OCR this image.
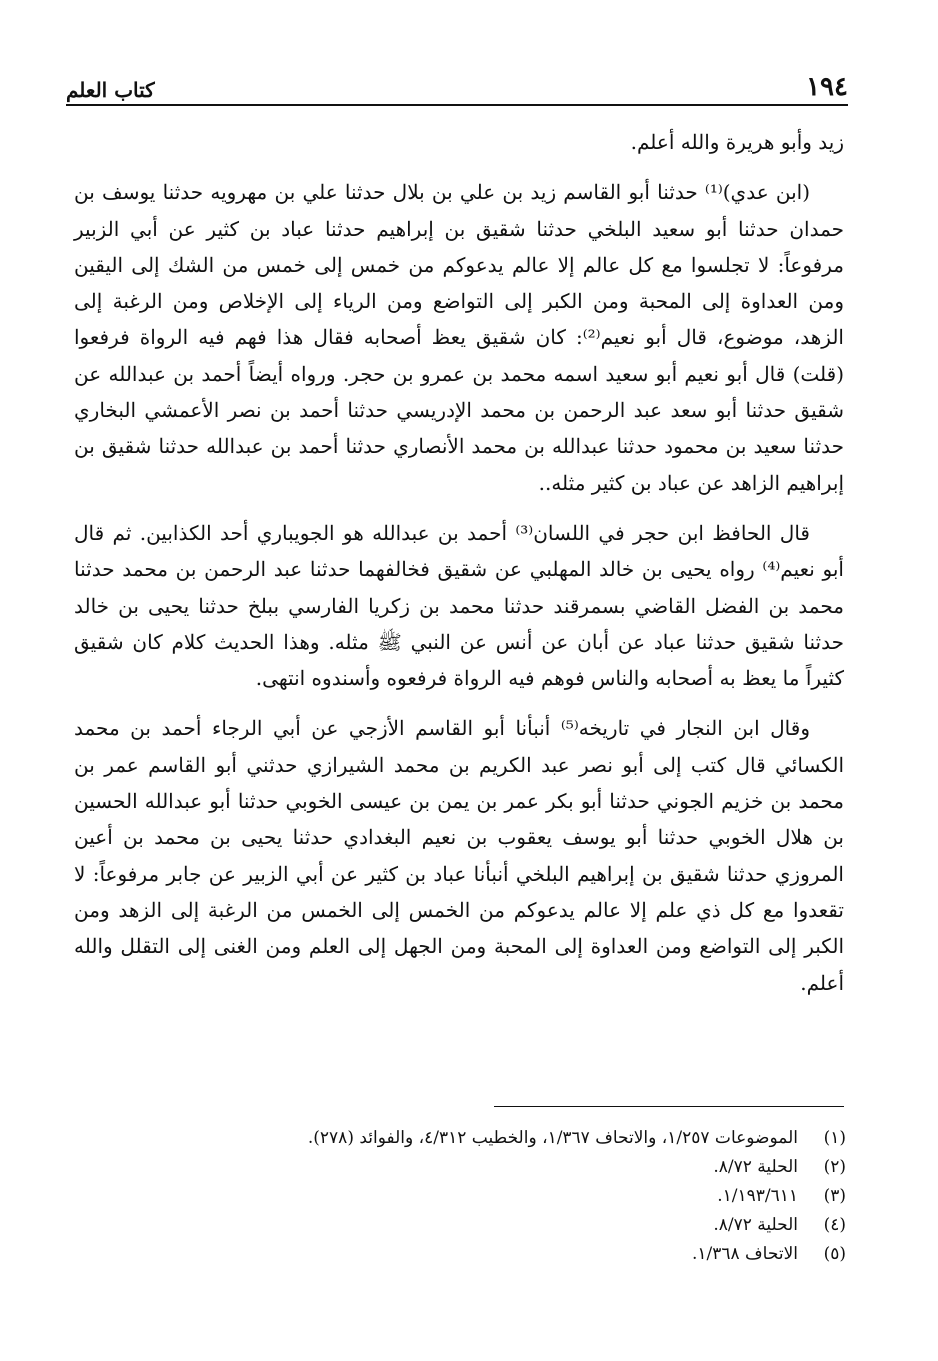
١٩٤
كتاب العلم

زيد وأبو هريرة والله أعلم.

(ابن عدي)⁽¹⁾ حدثنا أبو القاسم زيد بن علي بن بلال حدثنا علي بن مهرويه حدثنا يوسف بن حمدان حدثنا أبو سعيد البلخي حدثنا شقيق بن إبراهيم حدثنا عباد بن كثير عن أبي الزبير مرفوعاً: لا تجلسوا مع كل عالم إلا عالم يدعوكم من خمس إلى خمس من الشك إلى اليقين ومن العداوة إلى المحبة ومن الكبر إلى التواضع ومن الرياء إلى الإخلاص ومن الرغبة إلى الزهد، موضوع، قال أبو نعيم⁽²⁾: كان شقيق يعظ أصحابه فقال هذا فهم فيه الرواة فرفعوا (قلت) قال أبو نعيم أبو سعيد اسمه محمد بن عمرو بن حجر. ورواه أيضاً أحمد بن عبدالله عن شقيق حدثنا أبو سعد عبد الرحمن بن محمد الإدريسي حدثنا أحمد بن نصر الأعمشي البخاري حدثنا سعيد بن محمود حدثنا عبدالله بن محمد الأنصاري حدثنا أحمد بن عبدالله حدثنا شقيق بن إبراهيم الزاهد عن عباد بن كثير مثله..

قال الحافظ ابن حجر في اللسان⁽³⁾ أحمد بن عبدالله هو الجويباري أحد الكذابين. ثم قال أبو نعيم⁽⁴⁾ رواه يحيى بن خالد المهلبي عن شقيق فخالفهما حدثنا عبد الرحمن بن محمد حدثنا محمد بن الفضل القاضي بسمرقند حدثنا محمد بن زكريا الفارسي ببلخ حدثنا يحيى بن خالد حدثنا شقيق حدثنا عباد عن أبان عن أنس عن النبي ﷺ مثله. وهذا الحديث كلام كان شقيق كثيراً ما يعظ به أصحابه والناس فوهم فيه الرواة فرفعوه وأسندوه انتهى.

وقال ابن النجار في تاريخه⁽⁵⁾ أنبأنا أبو القاسم الأزجي عن أبي الرجاء أحمد بن محمد الكسائي قال كتب إلى أبو نصر عبد الكريم بن محمد الشيرازي حدثني أبو القاسم عمر بن محمد بن خزيم الجوني حدثنا أبو بكر عمر بن يمن بن عيسى الخوبي حدثنا أبو عبدالله الحسين بن هلال الخوبي حدثنا أبو يوسف يعقوب بن نعيم البغدادي حدثنا يحيى بن محمد بن أعين المروزي حدثنا شقيق بن إبراهيم البلخي أنبأنا عباد بن كثير عن أبي الزبير عن جابر مرفوعاً: لا تقعدوا مع كل ذي علم إلا عالم يدعوكم من الخمس إلى الخمس من الرغبة إلى الزهد ومن الكبر إلى التواضع ومن العداوة إلى المحبة ومن الجهل إلى العلم ومن الغنى إلى التقلل والله أعلم.

(١)
الموضوعات ١/٢٥٧، والاتحاف ١/٣٦٧، والخطيب ٤/٣١٢، والفوائد (٢٧٨).
(٢)
الحلية ٨/٧٢.
(٣)
١/١٩٣/٦١١.
(٤)
الحلية ٨/٧٢.
(٥)
الاتحاف ١/٣٦٨.
